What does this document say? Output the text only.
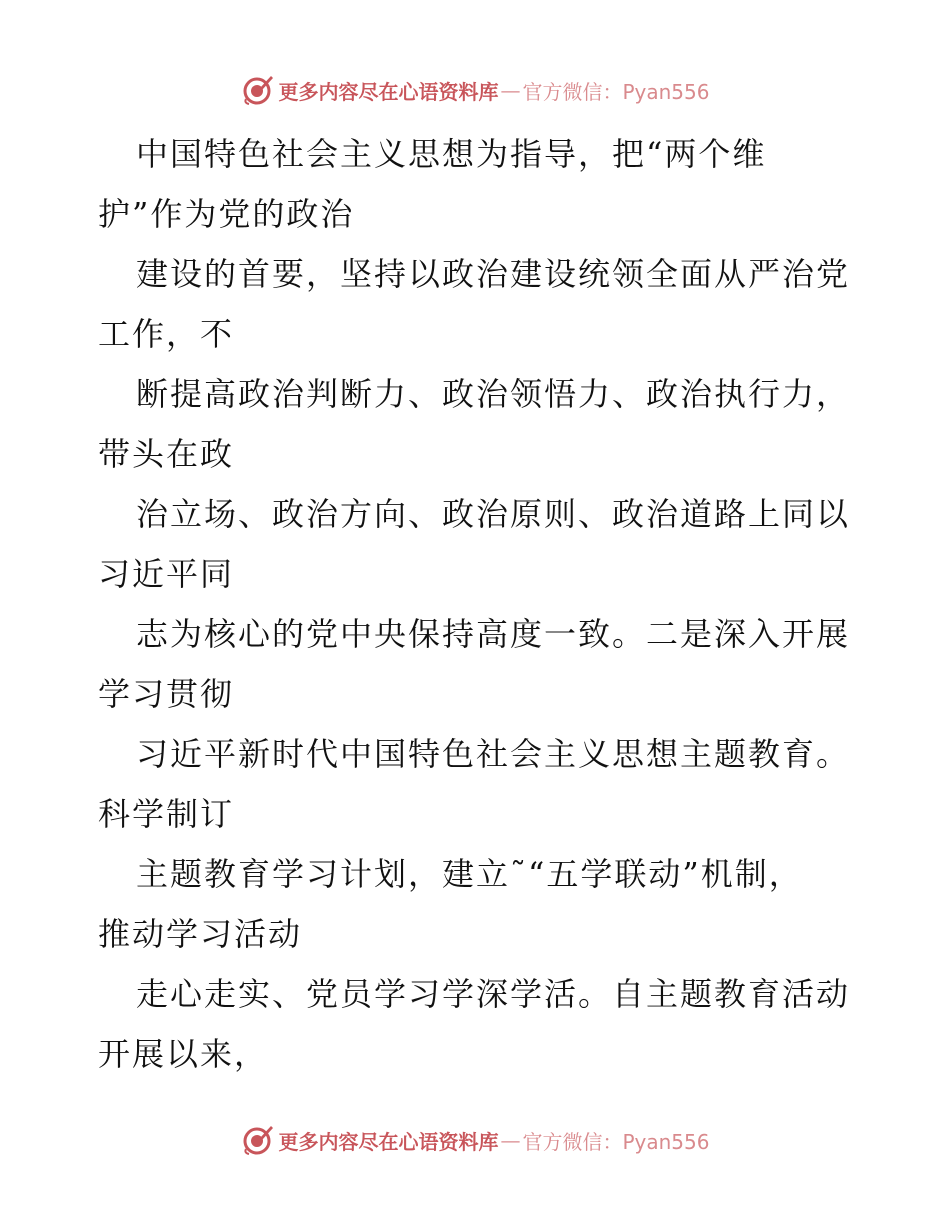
更多内容尽在心语资料库 — 官方微信：Pyan556
中国特色社会主义思想为指导，把“两个维
护”作为党的政治
建设的首要，坚持以政治建设统领全面从严治党
工作，不
断提高政治判断力、政治领悟力、政治执行力，
带头在政
治立场、政治方向、政治原则、政治道路上同以
习近平同
志为核心的党中央保持高度一致。二是深入开展
学习贯彻
习近平新时代中国特色社会主义思想主题教育。
科学制订
主题教育学习计划，建立˜“五学联动”机制，
推动学习活动
走心走实、党员学习学深学活。自主题教育活动
开展以来，
更多内容尽在心语资料库 — 官方微信：Pyan556
